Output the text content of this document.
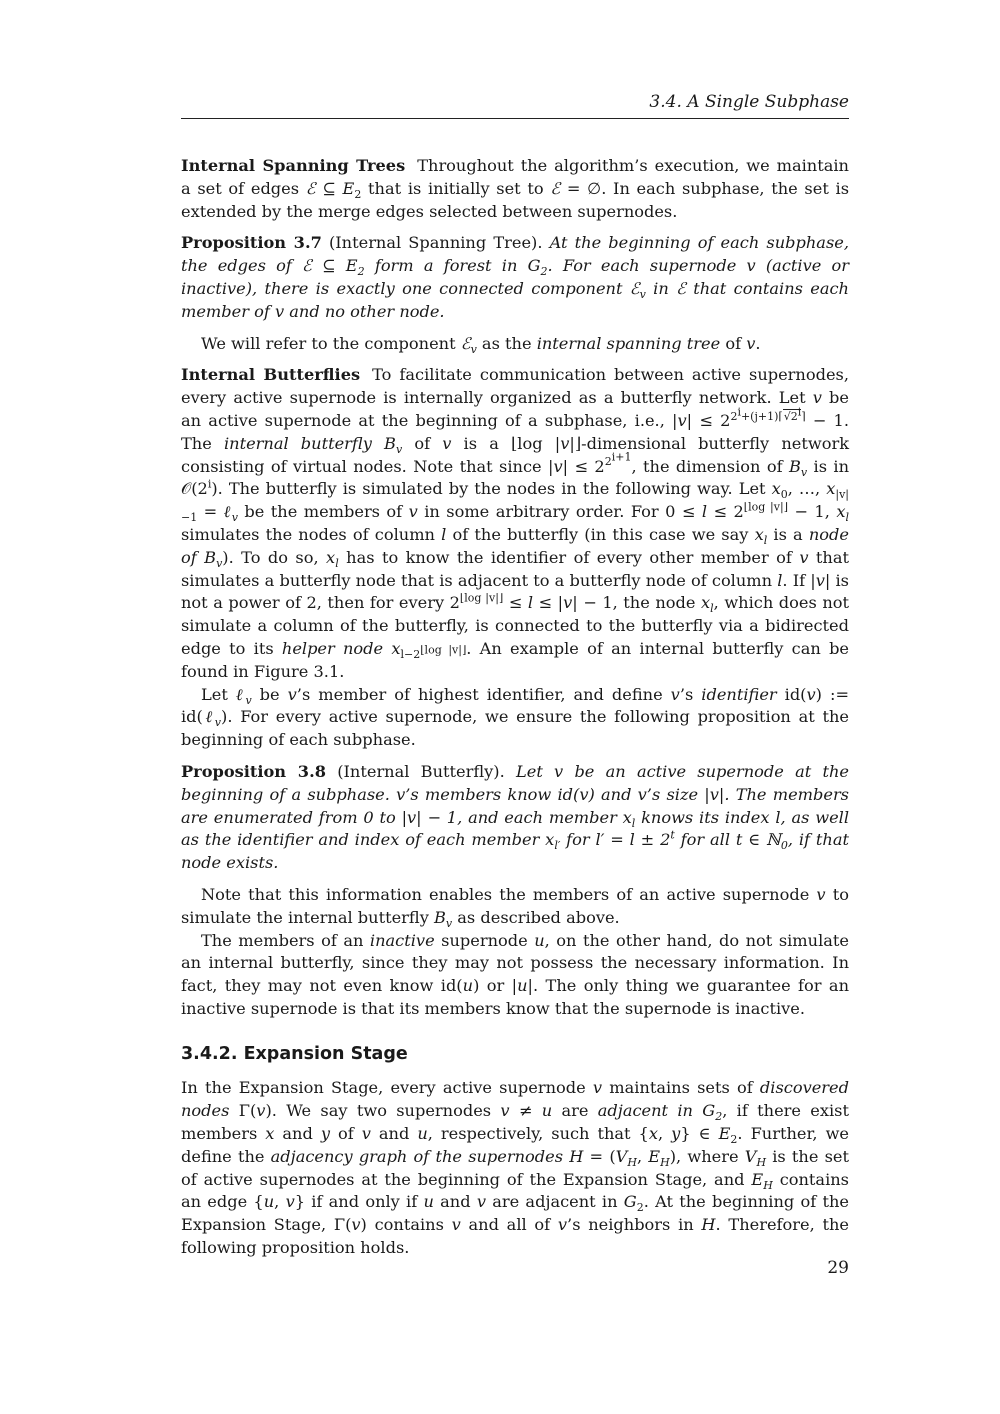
3.4. A Single Subphase

Internal Spanning Trees Throughout the algorithm’s execution, we maintain a set of edges ℰ ⊆ $E_2$ that is initially set to ℰ = ∅. In each subphase, the set is extended by the merge edges selected between supernodes.

Proposition 3.7 (Internal Spanning Tree). At the beginning of each subphase, the edges of ℰ ⊆ $E_2$ form a forest in $G_2$. For each supernode v (active or inactive), there is exactly one connected component ℰ$_v$ in ℰ that contains each member of v and no other node.

We will refer to the component ℰ$_v$ as the internal spanning tree of v.

Internal Butterflies To facilitate communication between active supernodes, every active supernode is internally organized as a butterfly network. Let v be an active supernode at the beginning of a subphase, i.e., $|v| \le 2^{2^i+(j+1)⌈√2^i⌉} - 1$. The internal butterfly $B_v$ of v is a ⌊log |v|⌋-dimensional butterfly network consisting of virtual nodes. Note that since $|v| \le 2^{2^{i+1}}$, the dimension of $B_v$ is in 𝒪(2$^i$). The butterfly is simulated by the nodes in the following way. Let $x_0$, …, $x_{|v|-1}$ = ℓ$_v$ be the members of v in some arbitrary order. For $0 \le l \le 2^{⌊log |v|⌋} - 1$, $x_l$ simulates the nodes of column l of the butterfly (in this case we say $x_l$ is a node of $B_v$). To do so, $x_l$ has to know the identifier of every other member of v that simulates a butterfly node that is adjacent to a butterfly node of column l. If |v| is not a power of 2, then for every $2^{⌊log |v|⌋} \le l \le |v| - 1$, the node $x_l$, which does not simulate a column of the butterfly, is connected to the butterfly via a bidirected edge to its helper node $x_{l-2^{⌊log |v|⌋}}$. An example of an internal butterfly can be found in Figure 3.1.

Let ℓ$_v$ be v’s member of highest identifier, and define v’s identifier id(v) := id(ℓ$_v$). For every active supernode, we ensure the following proposition at the beginning of each subphase.

Proposition 3.8 (Internal Butterfly). Let v be an active supernode at the beginning of a subphase. v’s members know id(v) and v’s size |v|. The members are enumerated from 0 to |v| − 1, and each member $x_l$ knows its index l, as well as the identifier and index of each member $x_{l'}$ for $l' = l \pm 2^t$ for all t ∈ ℕ$_0$, if that node exists.

Note that this information enables the members of an active supernode v to simulate the internal butterfly $B_v$ as described above.

The members of an inactive supernode u, on the other hand, do not simulate an internal butterfly, since they may not possess the necessary information. In fact, they may not even know id(u) or |u|. The only thing we guarantee for an inactive supernode is that its members know that the supernode is inactive.

3.4.2. Expansion Stage

In the Expansion Stage, every active supernode v maintains sets of discovered nodes Γ(v). We say two supernodes v ≠ u are adjacent in $G_2$, if there exist members x and y of v and u, respectively, such that {x, y} ∈ $E_2$. Further, we define the adjacency graph of the supernodes $H = (V_H$, $E_H$), where $V_H$ is the set of active supernodes at the beginning of the Expansion Stage, and $E_H$ contains an edge {u, v} if and only if u and v are adjacent in $G_2$. At the beginning of the Expansion Stage, Γ(v) contains v and all of v’s neighbors in H. Therefore, the following proposition holds.

29
